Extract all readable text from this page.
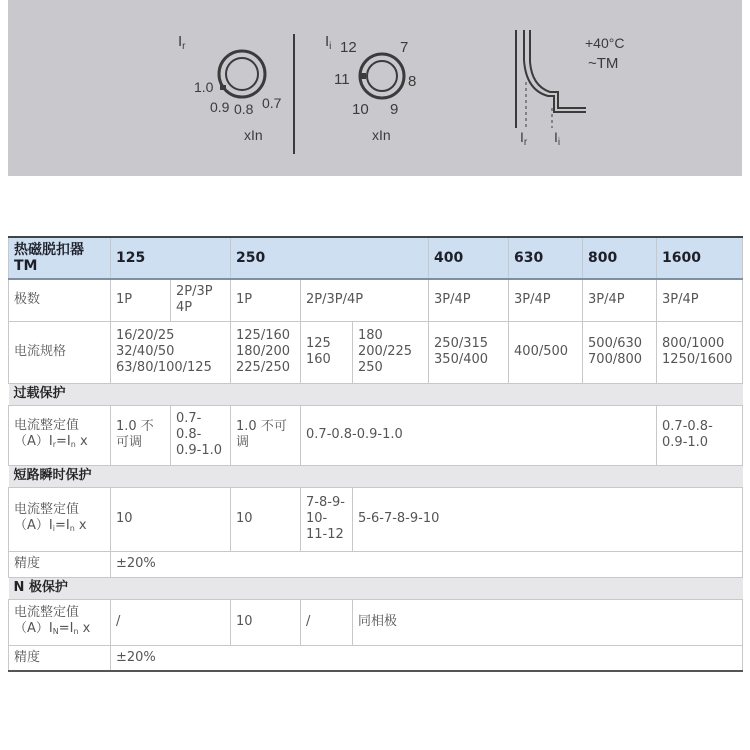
$I_r$
1.0
0.9 0.8 0.7
xIn
$I_i$ 12	7
11	8
10 9
xIn	$I_r$ $I_i$
+40°C
~TM
热磁脱扣器
TM	125		250			400	630	800	1600
极数	1P	2P/3P 4P	1P	2P/3P/4P		3P/4P	3P/4P	3P/4P	3P/4P
电流规格	16/20/25 32/40/50 63/80/100/125		125/160 180/200 225/250	125 160	180 200/225 250	250/315 350/400	400/500	500/630 700/800	800/1000 1250/1600
过载保护									
电流整定值
$(A)I_r=I_n$ x	1.0 不可调	0.7-0.8-0.9-1.0	1.0 不可调	0.7-0.8-0.9-1.0					0.7-0.8-0.9-1.0
短路瞬时保护									
电流整定值
$(A)I_i=I_n$ x	10		10	7-8-9-10-11-12	5-6-7-8-9-10				
精度	±20%								
N 极保护									
电流整定值
$(A)I_N=I_n$ x	/		10	/	同相极				
精度	±20%								
